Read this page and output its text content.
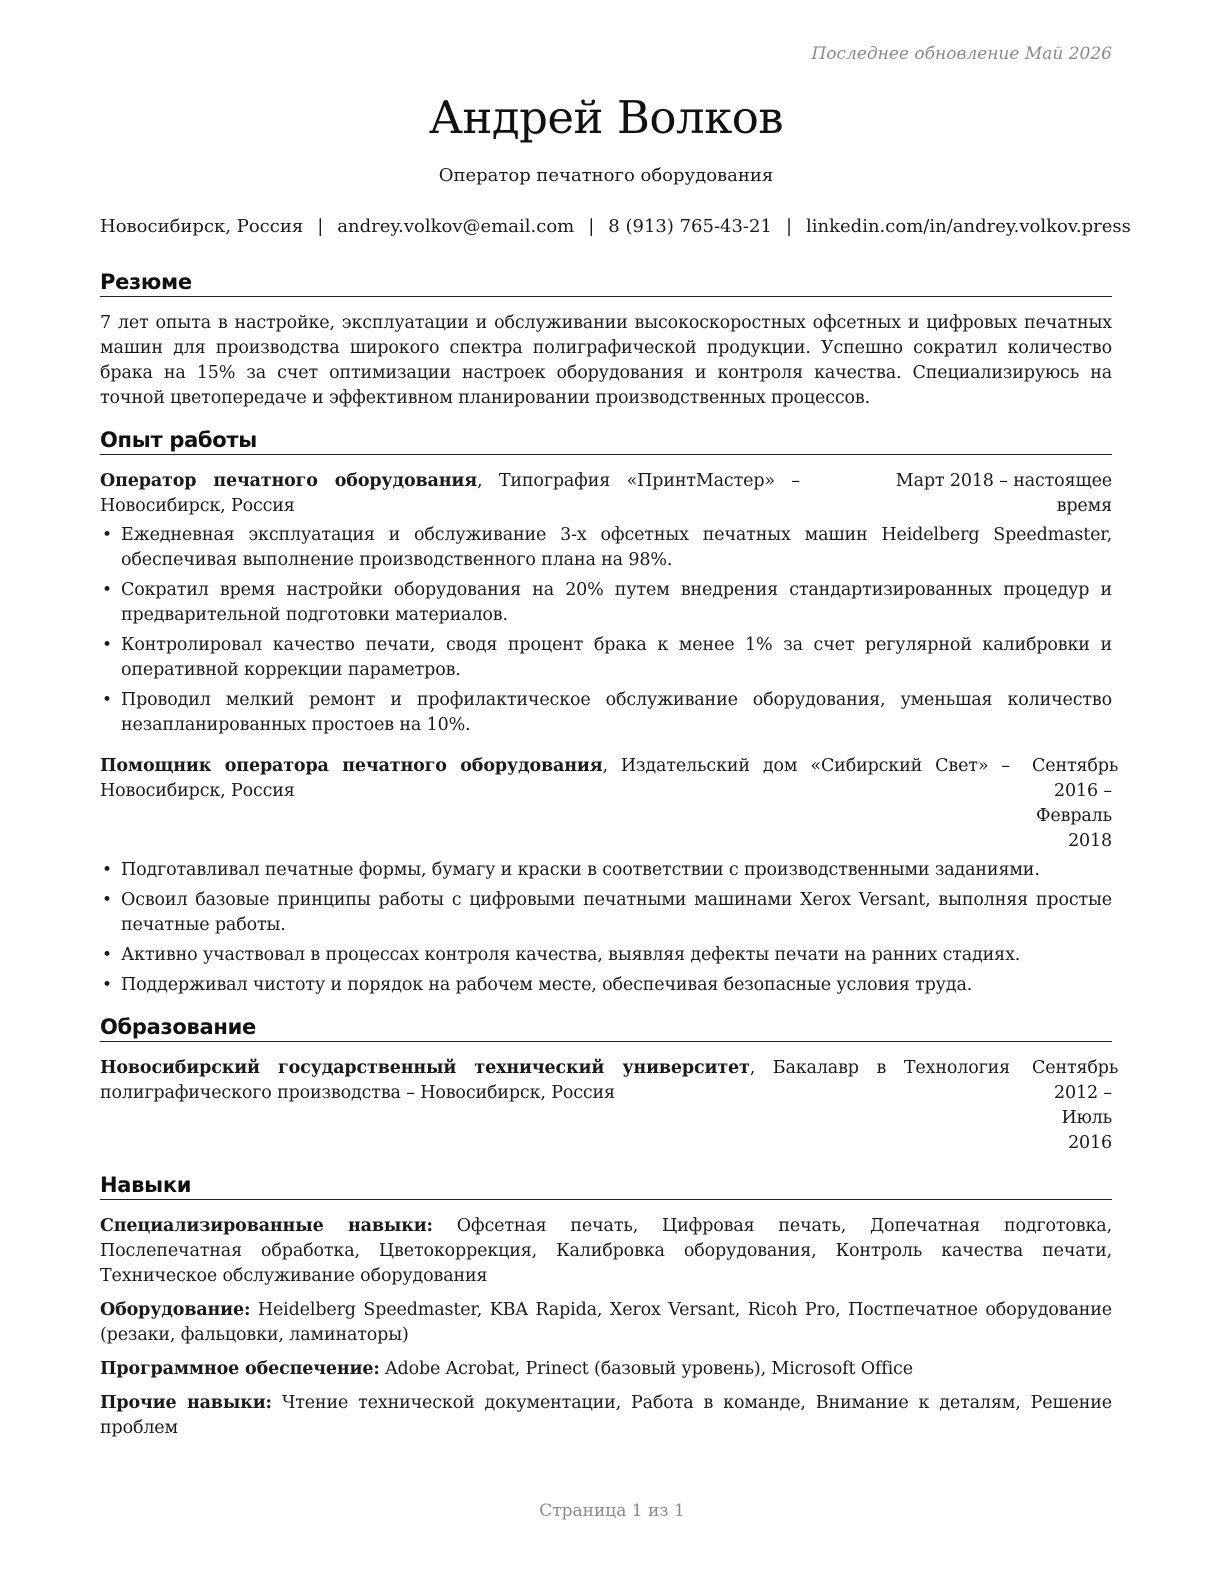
Последнее обновление Май 2026
Андрей Волков
Оператор печатного оборудования
Новосибирск, Россия | andrey.volkov@email.com | 8 (913) 765-43-21 | linkedin.com/in/andrey.volkov.press
Резюме

7 лет опыта в настройке, эксплуатации и обслуживании высокоскоростных офсетных и цифровых печатных машин для производства широкого спектра полиграфической продукции. Успешно сократил количество брака на 15% за счет оптимизации настроек оборудования и контроля качества. Специализируюсь на точной цветопередаче и эффективном планировании производственных процессов.

Опыт работы
Оператор печатного оборудования, Типография «ПринтМастер» – Новосибирск, Россия
Март 2018 – настоящее время
• Ежедневная эксплуатация и обслуживание 3-х офсетных печатных машин Heidelberg Speedmaster, обеспечивая выполнение производственного плана на 98%.
• Сократил время настройки оборудования на 20% путем внедрения стандартизированных процедур и предварительной подготовки материалов.
• Контролировал качество печати, сводя процент брака к менее 1% за счет регулярной калибровки и оперативной коррекции параметров.
• Проводил мелкий ремонт и профилактическое обслуживание оборудования, уменьшая количество незапланированных простоев на 10%.
Помощник оператора печатного оборудования, Издательский дом «Сибирский Свет» – Новосибирск, Россия
Сентябрь 2016 – Февраль 2018
• Подготавливал печатные формы, бумагу и краски в соответствии с производственными заданиями.
• Освоил базовые принципы работы с цифровыми печатными машинами Xerox Versant, выполняя простые печатные работы.
• Активно участвовал в процессах контроля качества, выявляя дефекты печати на ранних стадиях.
• Поддерживал чистоту и порядок на рабочем месте, обеспечивая безопасные условия труда.
Образование
Новосибирский государственный технический университет, Бакалавр в Технология полиграфического производства – Новосибирск, Россия
Сентябрь 2012 – Июль 2016
Навыки

Специализированные навыки: Офсетная печать, Цифровая печать, Допечатная подготовка, Послепечатная обработка, Цветокоррекция, Калибровка оборудования, Контроль качества печати, Техническое обслуживание оборудования

Оборудование: Heidelberg Speedmaster, KBA Rapida, Xerox Versant, Ricoh Pro, Постпечатное оборудование (резаки, фальцовки, ламинаторы)

Программное обеспечение: Adobe Acrobat, Prinect (базовый уровень), Microsoft Office

Прочие навыки: Чтение технической документации, Работа в команде, Внимание к деталям, Решение проблем

Страница 1 из 1
